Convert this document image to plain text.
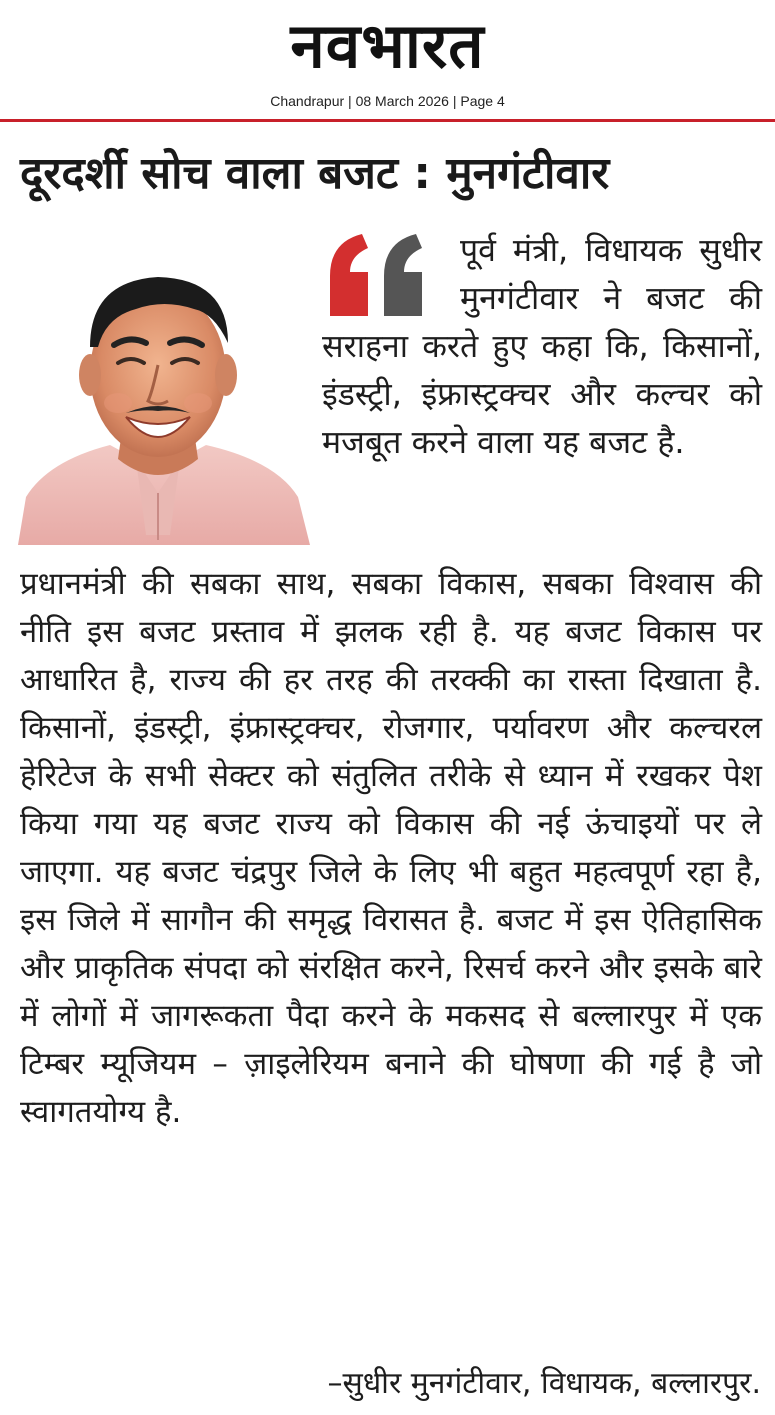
नवभारत
Chandrapur | 08 March 2026 | Page 4
दूरदर्शी सोच वाला बजट : मुनगंटीवार
पूर्व मंत्री, विधायक सुधीर मुनगंटीवार ने बजट की सराहना करते हुए कहा कि, किसानों, इंडस्ट्री, इंफ्रास्ट्रक्चर और कल्चर को मजबूत करने वाला यह बजट है.
प्रधानमंत्री की सबका साथ, सबका विकास, सबका विश्वास की नीति इस बजट प्रस्ताव में झलक रही है. यह बजट विकास पर आधारित है, राज्य की हर तरह की तरक्की का रास्ता दिखाता है. किसानों, इंडस्ट्री, इंफ्रास्ट्रक्चर, रोजगार, पर्यावरण और कल्चरल हेरिटेज के सभी सेक्टर को संतुलित तरीके से ध्यान में रखकर पेश किया गया यह बजट राज्य को विकास की नई ऊंचाइयों पर ले जाएगा. यह बजट चंद्रपुर जिले के लिए भी बहुत महत्वपूर्ण रहा है, इस जिले में सागौन की समृद्ध विरासत है. बजट में इस ऐतिहासिक और प्राकृतिक संपदा को संरक्षित करने, रिसर्च करने और इसके बारे में लोगों में जागरूकता पैदा करने के मकसद से बल्लारपुर में एक टिम्बर म्यूजियम – ज़ाइलेरियम बनाने की घोषणा की गई है जो स्वागतयोग्य है.
–सुधीर मुनगंटीवार, विधायक, बल्लारपुर.
